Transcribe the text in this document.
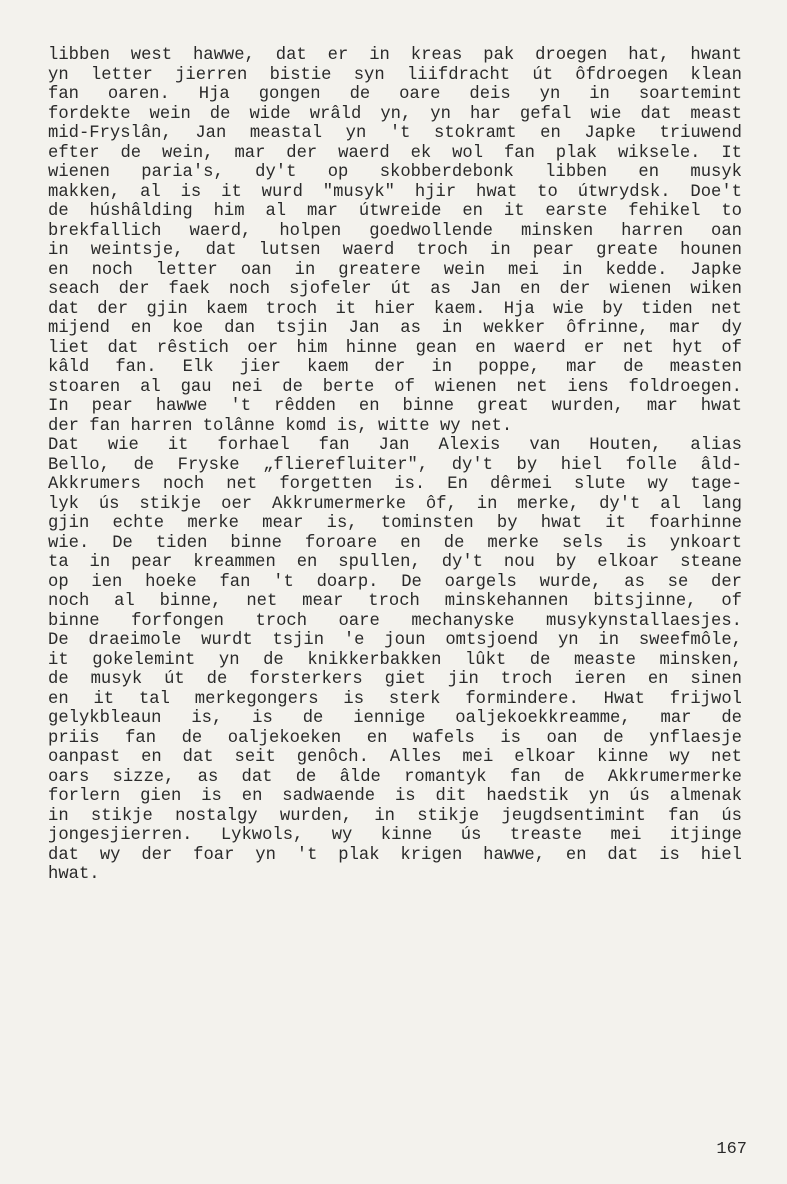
libben west hawwe, dat er in kreas pak droegen hat, hwant
yn letter jierren bistie syn liifdracht út ôfdroegen klean
fan oaren. Hja gongen de oare deis yn in soartemint
fordekte wein de wide wrâld yn, yn har gefal wie dat meast
mid-Fryslân, Jan meastal yn 't stokramt en Japke triuwend
efter de wein, mar der waerd ek wol fan plak wiksele. It
wienen paria's, dy't op skobberdebonk libben en musyk
makken, al is it wurd "musyk" hjir hwat to útwrydsk. Doe't
de húshâlding him al mar útwreide en it earste fehikel to
brekfallich waerd, holpen goedwollende minsken harren oan
in weintsje, dat lutsen waerd troch in pear greate hounen
en noch letter oan in greatere wein mei in kedde. Japke
seach der faek noch sjofeler út as Jan en der wienen wiken
dat der gjin kaem troch it hier kaem. Hja wie by tiden net
mijend en koe dan tsjin Jan as in wekker ôfrinne, mar dy
liet dat rêstich oer him hinne gean en waerd er net hyt of
kâld fan. Elk jier kaem der in poppe, mar de measten
stoaren al gau nei de berte of wienen net iens foldroegen.
In pear hawwe 't rêdden en binne great wurden, mar hwat
der fan harren tolânne komd is, witte wy net.
Dat wie it forhael fan Jan Alexis van Houten, alias
Bello, de Fryske „flierefluiter", dy't by hiel folle âld-
Akkrumers noch net forgetten is. En dêrmei slute wy tage-
lyk ús stikje oer Akkrumermerke ôf, in merke, dy't al lang
gjin echte merke mear is, tominsten by hwat it foarhinne
wie. De tiden binne foroare en de merke sels is ynkoart
ta in pear kreammen en spullen, dy't nou by elkoar steane
op ien hoeke fan 't doarp. De oargels wurde, as se der
noch al binne, net mear troch minskehannen bitsjinne, of
binne forfongen troch oare mechanyske musykynstallaesjes.
De draeimole wurdt tsjin 'e joun omtsjoend yn in sweefmôle,
it gokelemint yn de knikkerbakken lûkt de measte minsken,
de musyk út de forsterkers giet jin troch ieren en sinen
en it tal merkegongers is sterk formindere. Hwat frijwol
gelykbleaun is, is de iennige oaljekoekkreamme, mar de
priis fan de oaljekoeken en wafels is oan de ynflaesje
oanpast en dat seit genôch. Alles mei elkoar kinne wy net
oars sizze, as dat de âlde romantyk fan de Akkrumermerke
forlern gien is en sadwaende is dit haedstik yn ús almenak
in stikje nostalgy wurden, in stikje jeugdsentimint fan ús
jongesjierren. Lykwols, wy kinne ús treaste mei itjinge
dat wy der foar yn 't plak krigen hawwe, en dat is hiel
hwat.
167
